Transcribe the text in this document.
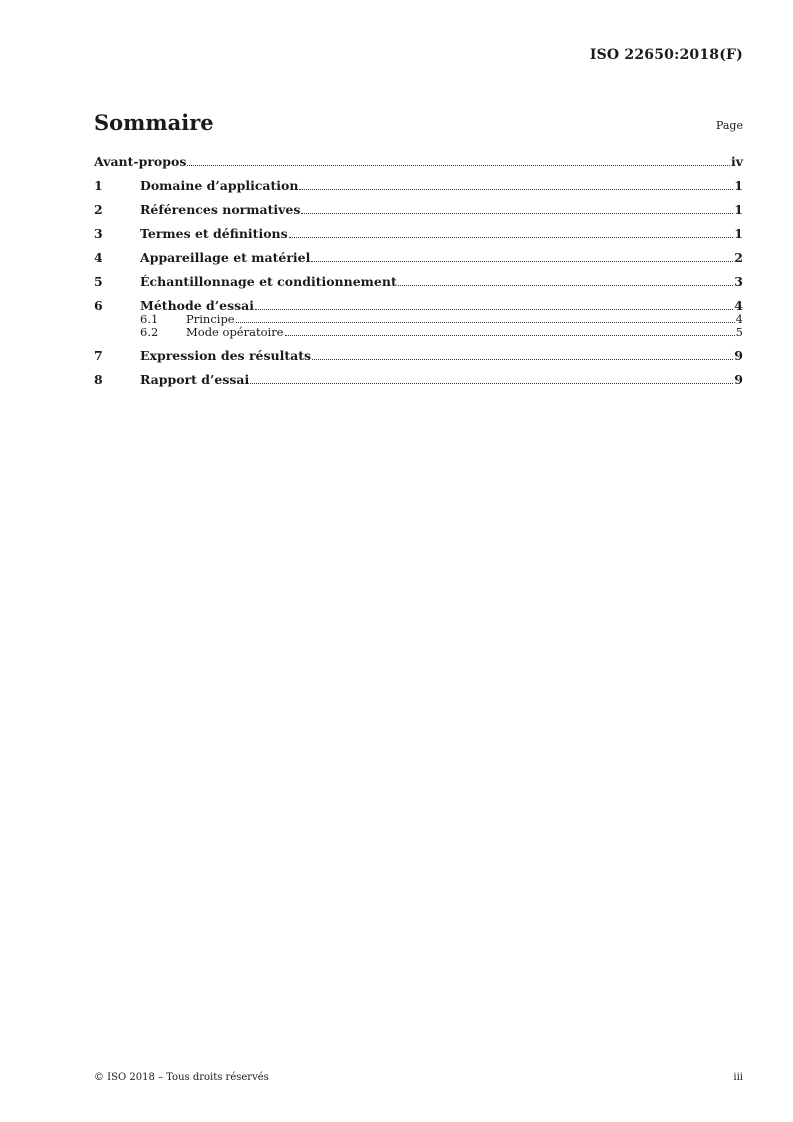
ISO 22650:2018(F)
Sommaire	Page
Avant-propos	iv
1	Domaine d’application	1
2	Références normatives	1
3	Termes et définitions	1
4	Appareillage et matériel	2
5	Échantillonnage et conditionnement	3
6	Méthode d’essai	4
6.1	Principe	4
6.2	Mode opératoire	5
7	Expression des résultats	9
8	Rapport d’essai	9
© ISO 2018 – Tous droits réservés	iii
